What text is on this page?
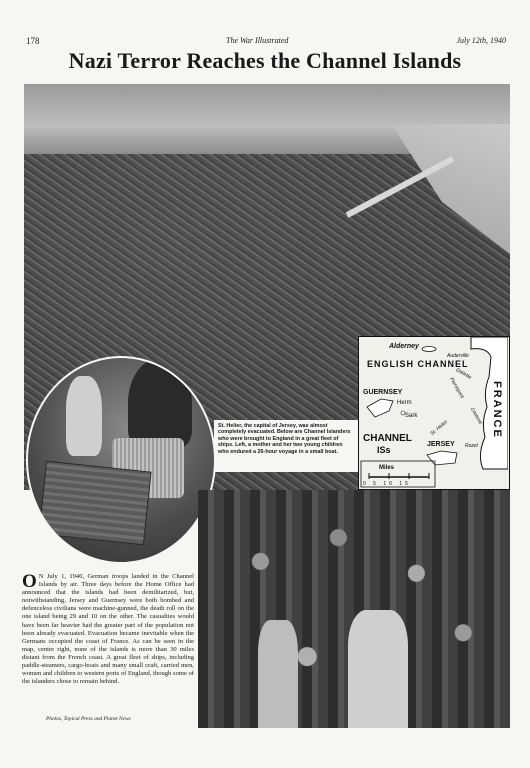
178	The War Illustrated	July 12th, 1940
Nazi Terror Reaches the Channel Islands
St. Helier, the capital of Jersey, was almost completely evacuated. Below are Channel Islanders who were brought to England in a great fleet of ships. Left, a mother and her two young children who endured a 26-hour voyage in a small boat.
Alderney
Auderville
ENGLISH CHANNEL
GUERNSEY
Herm
Sark
CHANNEL
ISs
JERSEY
FRANCE
Diélette
Pierrepont
Carteret
Rozel
St. Helier
Miles
0 5 10 15
O N July 1, 1940, German troops landed in the Channel Islands by air. Three days before the Home Office had announced that the islands had been demilitarized, but, notwithstanding, Jersey and Guernsey were both bombed and defenceless civilians were machine-gunned, the death roll on the one island being 29 and 10 on the other. The casualties would have been far heavier had the greater part of the population not been already evacuated. Evacuation became inevitable when the Germans occupied the coast of France. As can be seen in the map, centre right, none of the islands is more than 30 miles distant from the French coast. A great fleet of ships, including paddle-steamers, cargo-boats and many small craft, carried men, women and children to western ports of England, though some of the islanders chose to remain behind.
Photos, Topical Press and Planet News
